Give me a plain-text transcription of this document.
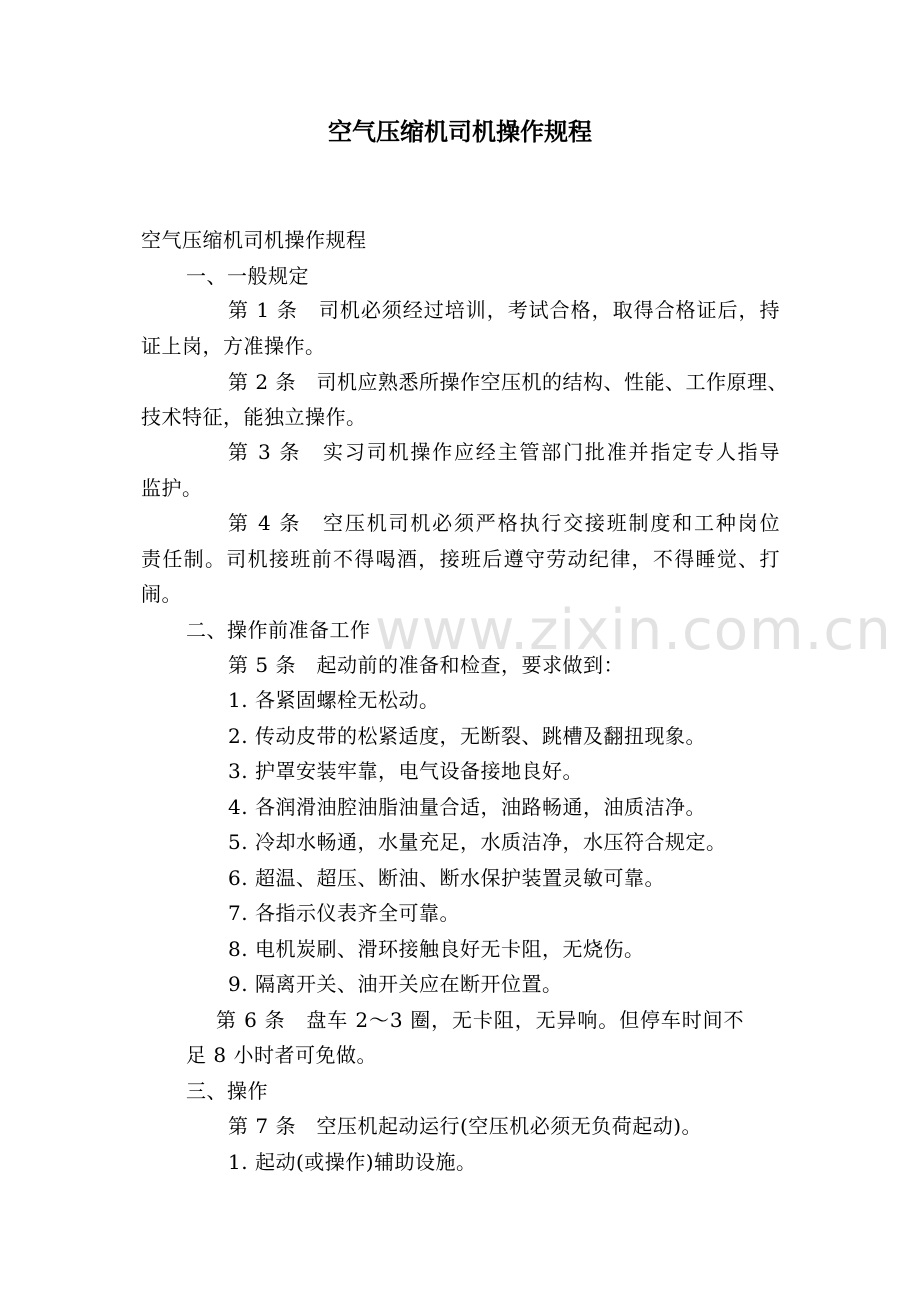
空气压缩机司机操作规程
www.zixin.com.cn
空气压缩机司机操作规程
一、一般规定
第 1 条　司机必须经过培训，考试合格，取得合格证后，持
证上岗，方准操作。
第 2 条　司机应熟悉所操作空压机的结构、性能、工作原理、
技术特征，能独立操作。
第 3 条　实习司机操作应经主管部门批准并指定专人指导
监护。
第 4 条　空压机司机必须严格执行交接班制度和工种岗位
责任制。司机接班前不得喝酒，接班后遵守劳动纪律，不得睡觉、打
闹。
二、操作前准备工作
第 5 条　起动前的准备和检查，要求做到：
1. 各紧固螺栓无松动。
2. 传动皮带的松紧适度，无断裂、跳槽及翻扭现象。
3. 护罩安装牢靠，电气设备接地良好。
4. 各润滑油腔油脂油量合适，油路畅通，油质洁净。
5. 冷却水畅通，水量充足，水质洁净，水压符合规定。
6. 超温、超压、断油、断水保护装置灵敏可靠。
7. 各指示仪表齐全可靠。
8. 电机炭刷、滑环接触良好无卡阻，无烧伤。
9. 隔离开关、油开关应在断开位置。
第 6 条　盘车 2～3 圈，无卡阻，无异响。但停车时间不
足 8 小时者可免做。
三、操作
第 7 条　空压机起动运行(空压机必须无负荷起动)。
1. 起动(或操作)辅助设施。
